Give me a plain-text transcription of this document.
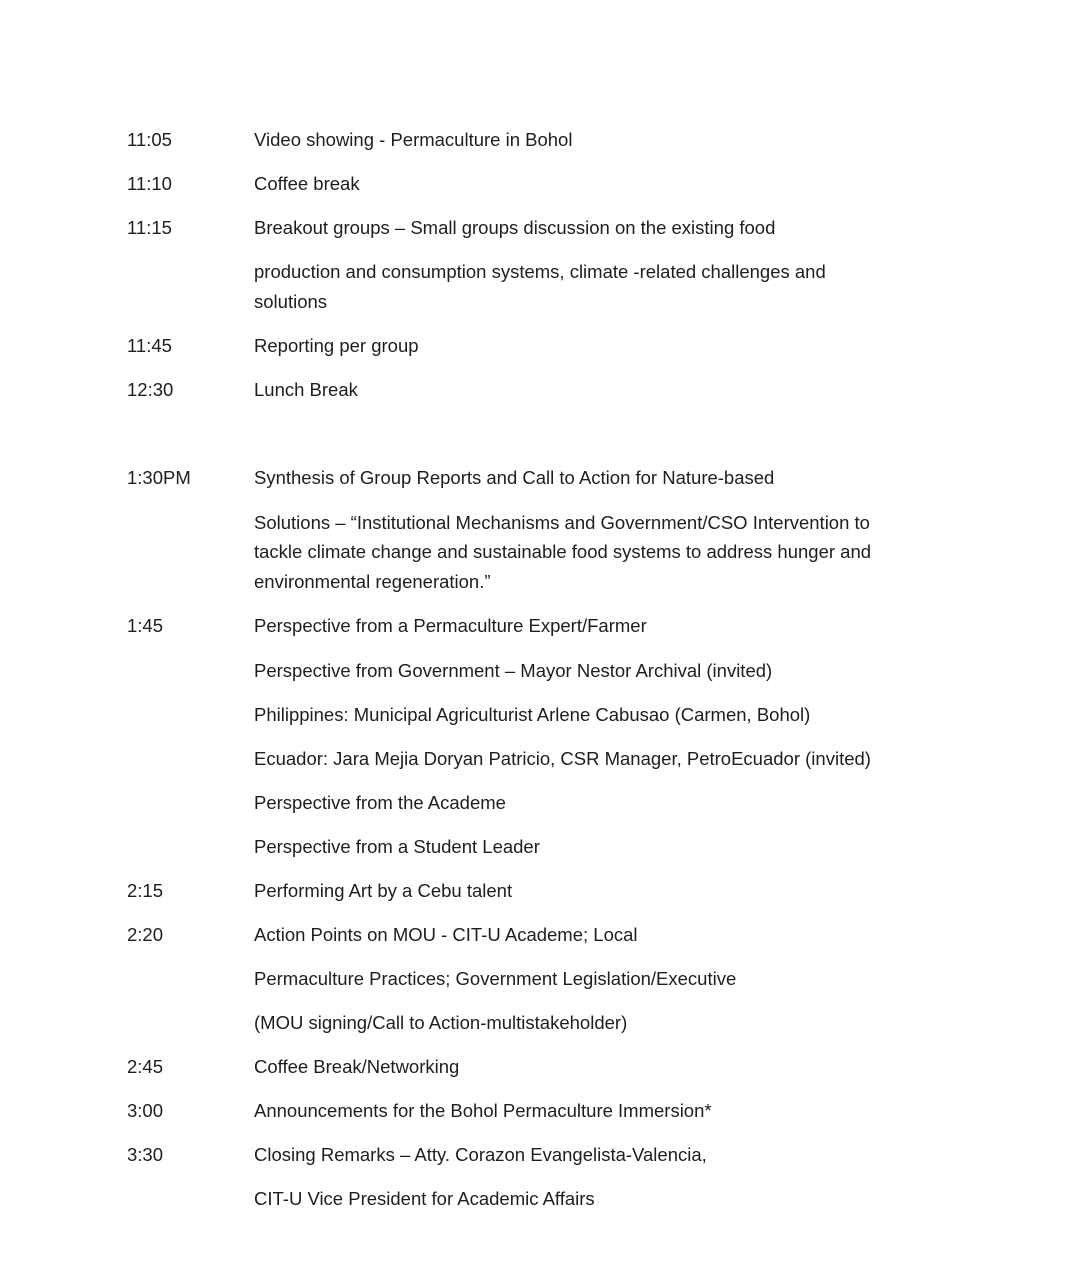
11:05	Video showing - Permaculture in Bohol
11:10	Coffee break
11:15	Breakout groups – Small groups discussion on the existing food
production and consumption systems, climate -related challenges and
solutions
11:45	Reporting per group
12:30	Lunch Break
1:30PM	Synthesis of Group Reports and Call to Action for Nature-based
Solutions – “Institutional Mechanisms and Government/CSO Intervention to
tackle climate change and sustainable food systems to address hunger and
environmental regeneration.”
1:45	Perspective from a Permaculture Expert/Farmer
Perspective from Government – Mayor Nestor Archival (invited)
Philippines: Municipal Agriculturist Arlene Cabusao (Carmen, Bohol)
Ecuador: Jara Mejia Doryan Patricio, CSR Manager, PetroEcuador (invited)
Perspective from the Academe
Perspective from a Student Leader
2:15	Performing Art by a Cebu talent
2:20	Action Points on MOU - CIT-U Academe; Local
Permaculture Practices; Government Legislation/Executive
(MOU signing/Call to Action-multistakeholder)
2:45	Coffee Break/Networking
3:00	Announcements for the Bohol Permaculture Immersion*
3:30	Closing Remarks – Atty. Corazon Evangelista-Valencia,
CIT-U Vice President for Academic Affairs
